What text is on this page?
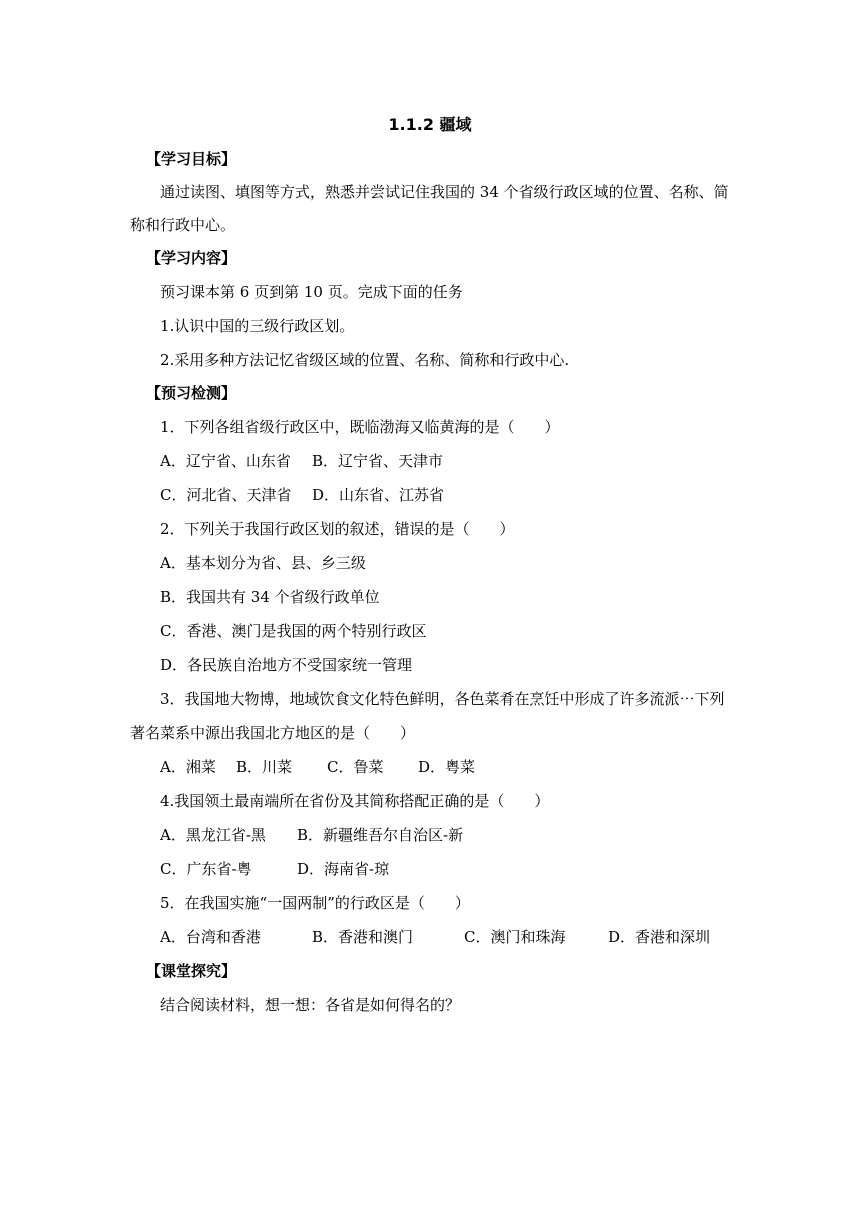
1.1.2 疆域
【学习目标】
通过读图、填图等方式，熟悉并尝试记住我国的 34 个省级行政区域的位置、名称、简
称和行政中心。
【学习内容】
预习课本第 6 页到第 10 页。完成下面的任务
1.认识中国的三级行政区划。
2.采用多种方法记忆省级区域的位置、名称、简称和行政中心.
【预习检测】
1．下列各组省级行政区中，既临渤海又临黄海的是（　　）
A．辽宁省、山东省 B．辽宁省、天津市
C．河北省、天津省 D．山东省、江苏省
2．下列关于我国行政区划的叙述，错误的是（　　）
A．基本划分为省、县、乡三级
B．我国共有 34 个省级行政单位
C．香港、澳门是我国的两个特别行政区
D．各民族自治地方不受国家统一管理
3．我国地大物博，地域饮食文化特色鲜明，各色菜肴在烹饪中形成了许多流派⋯下列
著名菜系中源出我国北方地区的是（　　）
A．湘菜 B．川菜 C．鲁菜 D．粤菜
4.我国领土最南端所在省份及其简称搭配正确的是（　　）
A．黑龙江省-黑 B．新疆维吾尔自治区-新
C．广东省-粤	D．海南省-琼
5．在我国实施“一国两制”的行政区是（　　）
A．台湾和香港	B．香港和澳门	C．澳门和珠海	D．香港和深圳
【课堂探究】
结合阅读材料，想一想：各省是如何得名的？
